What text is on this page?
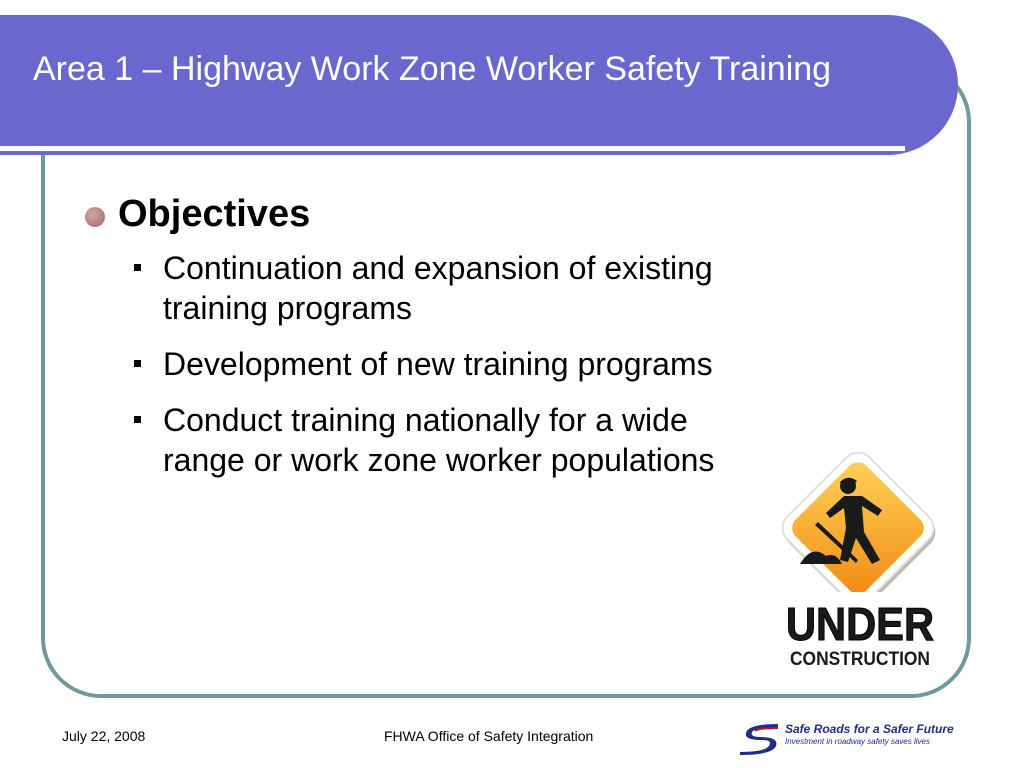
Area 1 – Highway Work Zone Worker Safety Training
Objectives
Continuation and expansion of existing training programs
Development of new training programs
Conduct training nationally for a wide range or work zone worker populations
UNDER
CONSTRUCTION
July 22, 2008	FHWA Office of Safety Integration	Safe Roads for a Safer Future
Investment in roadway safety saves lives
